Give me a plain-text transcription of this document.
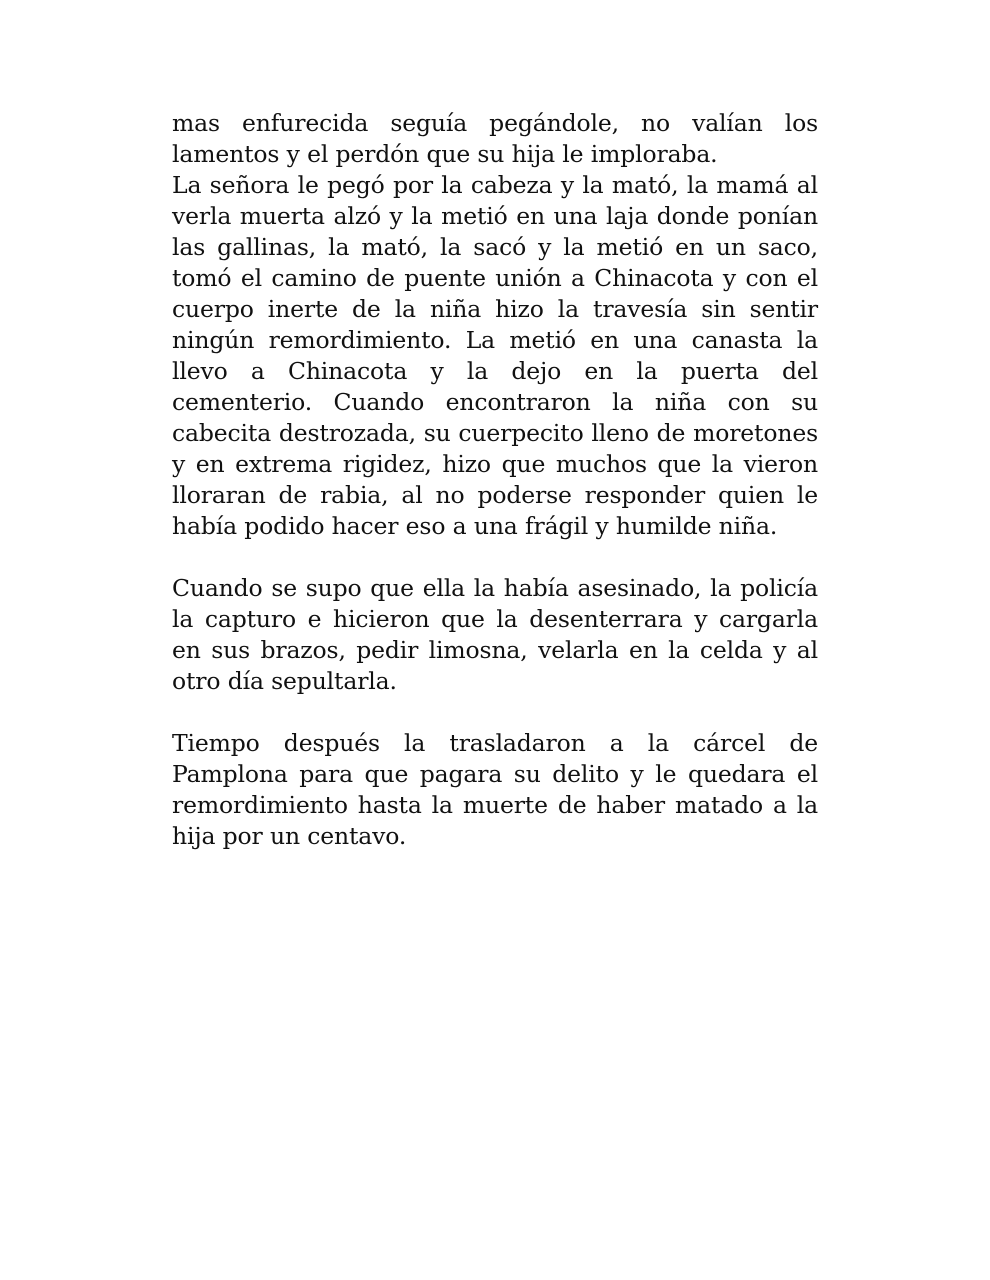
mas enfurecida seguía pegándole, no valían los lamentos y el perdón que su hija le imploraba.

La señora le pegó por la cabeza y la mató, la mamá al verla muerta alzó y la metió en una laja donde ponían las gallinas, la mató, la sacó y la metió en un saco, tomó el camino de puente unión a Chinacota y con el cuerpo inerte de la niña hizo la travesía sin sentir ningún remordimiento. La metió en una canasta la llevo a Chinacota y la dejo en la puerta del cementerio. Cuando encontraron la niña con su cabecita destrozada, su cuerpecito lleno de moretones y en extrema rigidez, hizo que muchos que la vieron lloraran de rabia, al no poderse responder quien le había podido hacer eso a una frágil y humilde niña.

Cuando se supo que ella la había asesinado, la policía la capturo e hicieron que la desenterrara y cargarla en sus brazos, pedir limosna, velarla en la celda y al otro día sepultarla.

Tiempo después la trasladaron a la cárcel de Pamplona para que pagara su delito y le quedara el remordimiento hasta la muerte de haber matado a la hija por un centavo.
